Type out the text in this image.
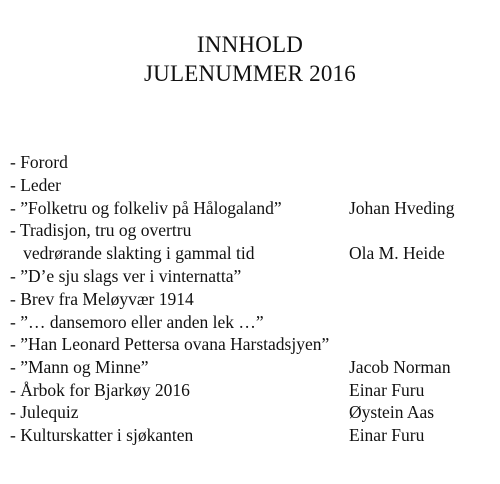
INNHOLD
JULENUMMER 2016
- Forord
- Leder
- ”Folketru og folkeliv på Hålogaland”	Johan Hveding
- Tradisjon, tru og overtru
vedrørande slakting i gammal tid	Ola M. Heide
- ”D’e sju slags ver i vinternatta”
- Brev fra Meløyvær 1914
- ”… dansemoro eller anden lek …”
- ”Han Leonard Pettersa ovana Harstadsjyen”
- ”Mann og Minne”	Jacob Norman
- Årbok for Bjarkøy 2016	Einar Furu
- Julequiz	Øystein Aas
- Kulturskatter i sjøkanten	Einar Furu
